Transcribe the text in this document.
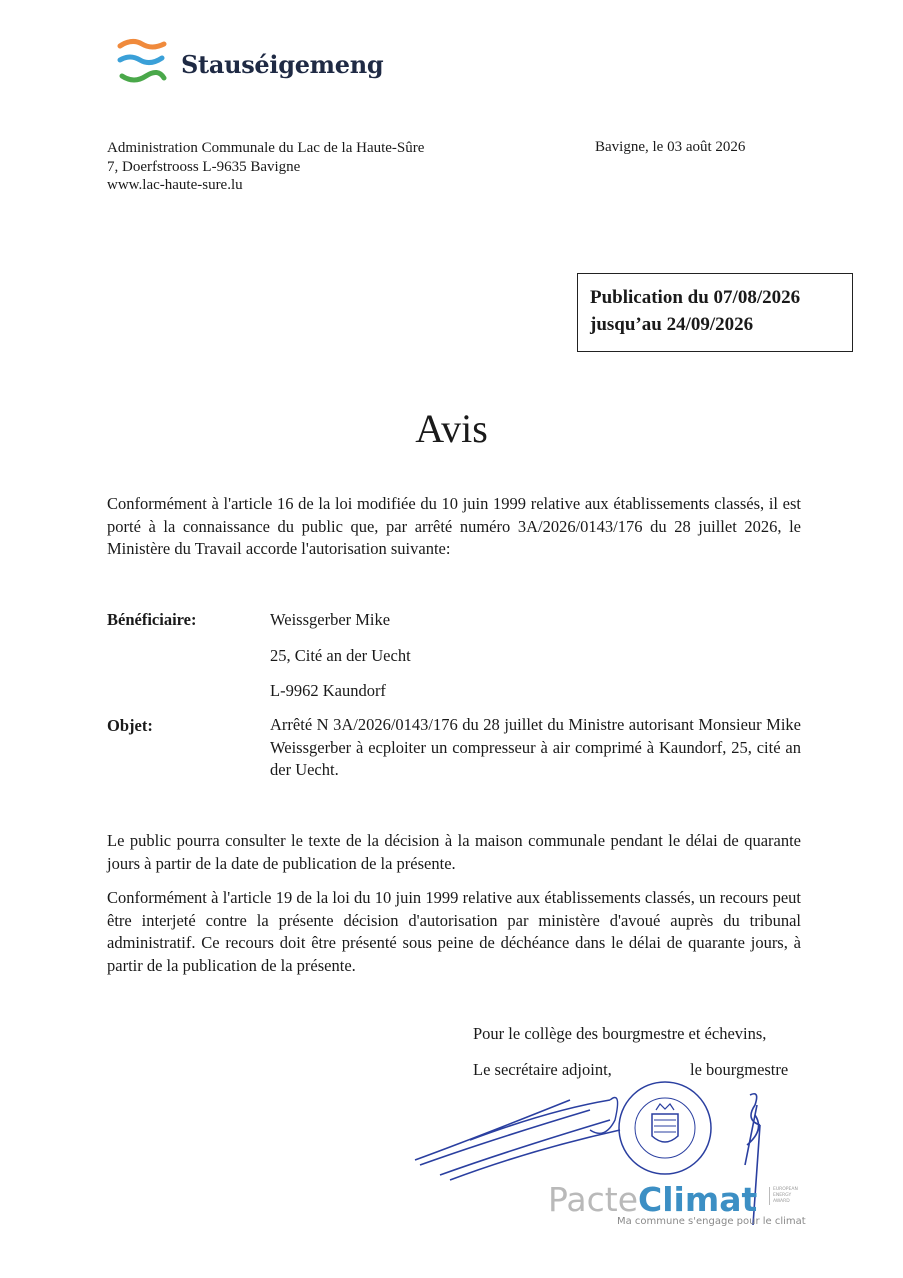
Stauséigemeng
Administration Communale du Lac de la Haute-Sûre
7, Doerfstrooss L-9635 Bavigne
www.lac-haute-sure.lu
Bavigne, le 03 août 2026
Publication du 07/08/2026
jusqu’au 24/09/2026
Avis
Conformément à l'article 16 de la loi modifiée du 10 juin 1999 relative aux établissements classés, il est porté à la connaissance du public que, par arrêté numéro 3A/2026/0143/176 du 28 juillet 2026, le Ministère du Travail accorde l'autorisation suivante:
Bénéficiaire:	Weissgerber Mike
25, Cité an der Uecht
L-9962 Kaundorf
Objet:	Arrêté N 3A/2026/0143/176 du 28 juillet du Ministre autorisant Monsieur Mike Weissgerber à ecploiter un compresseur à air comprimé à Kaundorf, 25, cité an der Uecht.
Le public pourra consulter le texte de la décision à la maison communale pendant le délai de quarante jours à partir de la date de publication de la présente.
Conformément à l'article 19 de la loi du 10 juin 1999 relative aux établissements classés, un recours peut être interjeté contre la présente décision d'autorisation par ministère d'avoué auprès du tribunal administratif. Ce recours doit être présenté sous peine de déchéance dans le délai de quarante jours, à partir de la publication de la présente.
Pour le collège des bourgmestre et échevins,
Le secrétaire adjoint,	le bourgmestre
PacteClimat
Ma commune s'engage pour le climat
EUROPEAN
ENERGY
AWARD
